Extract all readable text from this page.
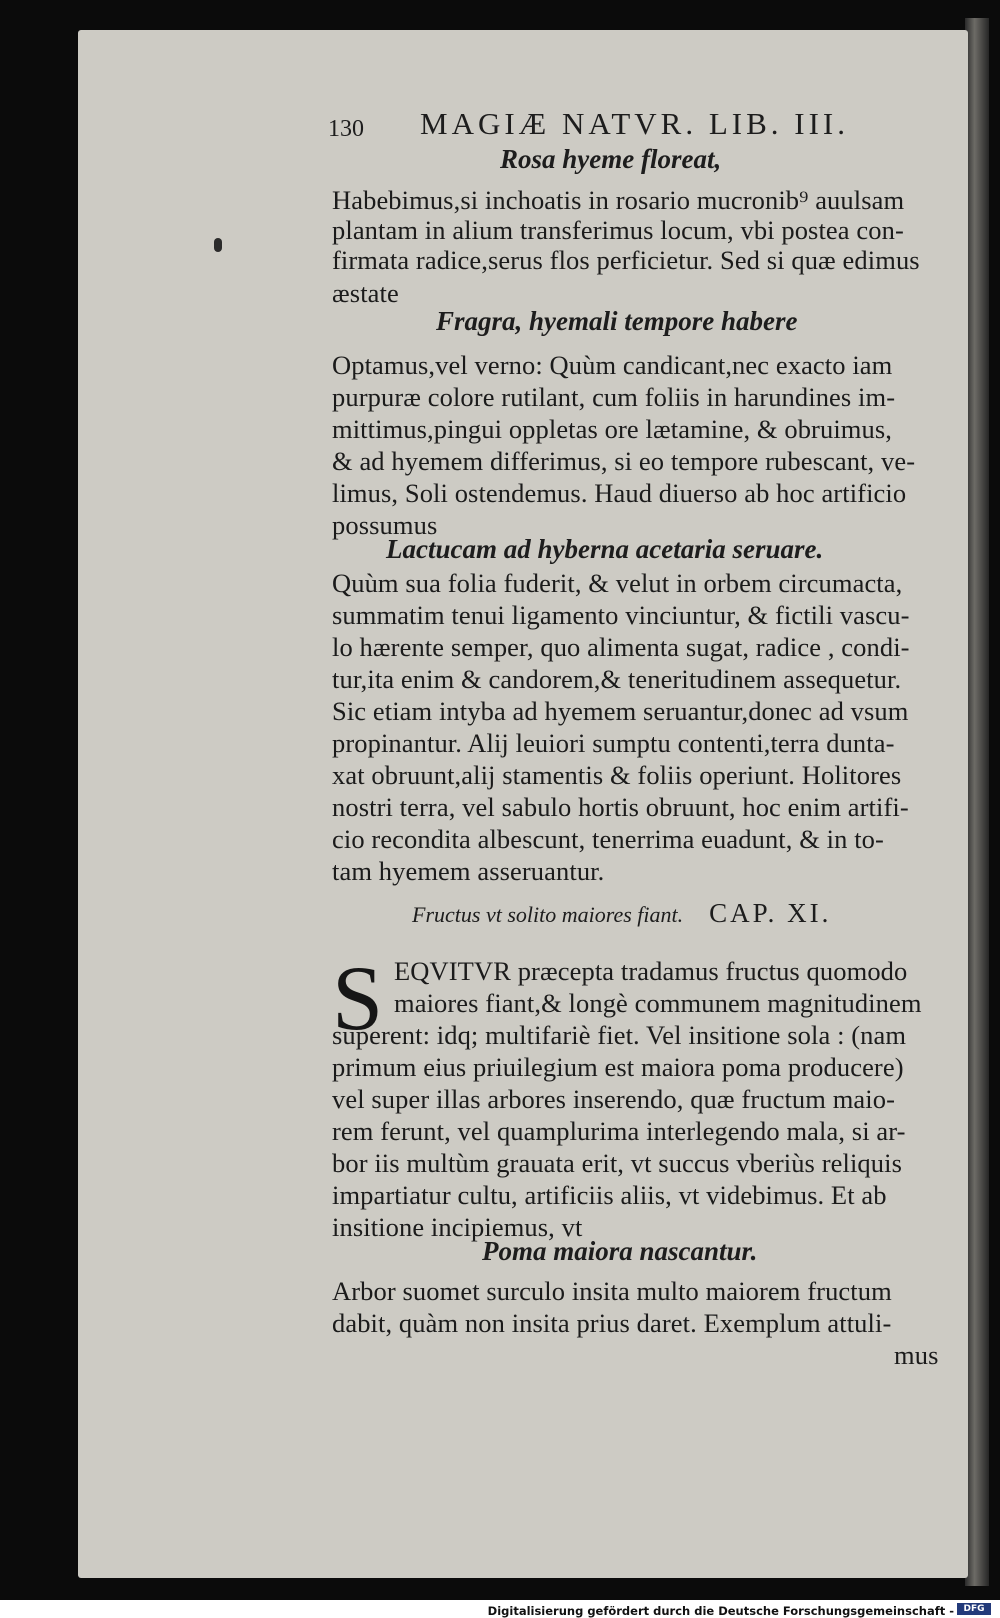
130 MAGIÆ NATVR. LIB. III.
Rosa hyeme floreat,
Habebimus,si inchoatis in rosario mucronib⁹ auulsam
plantam in alium transferimus locum, vbi postea con-
firmata radice,serus flos perficietur. Sed si quæ edimus
æstate
Fragra, hyemali tempore habere
Optamus,vel verno: Quùm candicant,nec exacto iam
purpuræ colore rutilant, cum foliis in harundines im-
mittimus,pingui oppletas ore lætamine, & obruimus,
& ad hyemem differimus, si eo tempore rubescant, ve-
limus, Soli ostendemus. Haud diuerso ab hoc artificio
possumus
Lactucam ad hyberna acetaria seruare.
Quùm sua folia fuderit, & velut in orbem circumacta,
summatim tenui ligamento vinciuntur, & fictili vascu-
lo hærente semper, quo alimenta sugat, radice , condi-
tur,ita enim & candorem,& teneritudinem assequetur.
Sic etiam intyba ad hyemem seruantur,donec ad vsum
propinantur. Alij leuiori sumptu contenti,terra dunta-
xat obruunt,alij stamentis & foliis operiunt. Holitores
nostri terra, vel sabulo hortis obruunt, hoc enim artifi-
cio recondita albescunt, tenerrima euadunt, & in to-
tam hyemem asseruantur.
Fructus vt solito maiores fiant. CAP. XI.
S EQVITVR præcepta tradamus fructus quomodo
maiores fiant,& longè communem magnitudinem
superent: idq; multifariè fiet. Vel insitione sola : (nam
primum eius priuilegium est maiora poma producere)
vel super illas arbores inserendo, quæ fructum maio-
rem ferunt, vel quamplurima interlegendo mala, si ar-
bor iis multùm grauata erit, vt succus vberiùs reliquis
impartiatur cultu, artificiis aliis, vt videbimus. Et ab
insitione incipiemus, vt
Poma maiora nascantur.
Arbor suomet surculo insita multo maiorem fructum
dabit, quàm non insita prius daret. Exemplum attuli-
mus
Digitalisierung gefördert durch die Deutsche Forschungsgemeinschaft -	DFG
